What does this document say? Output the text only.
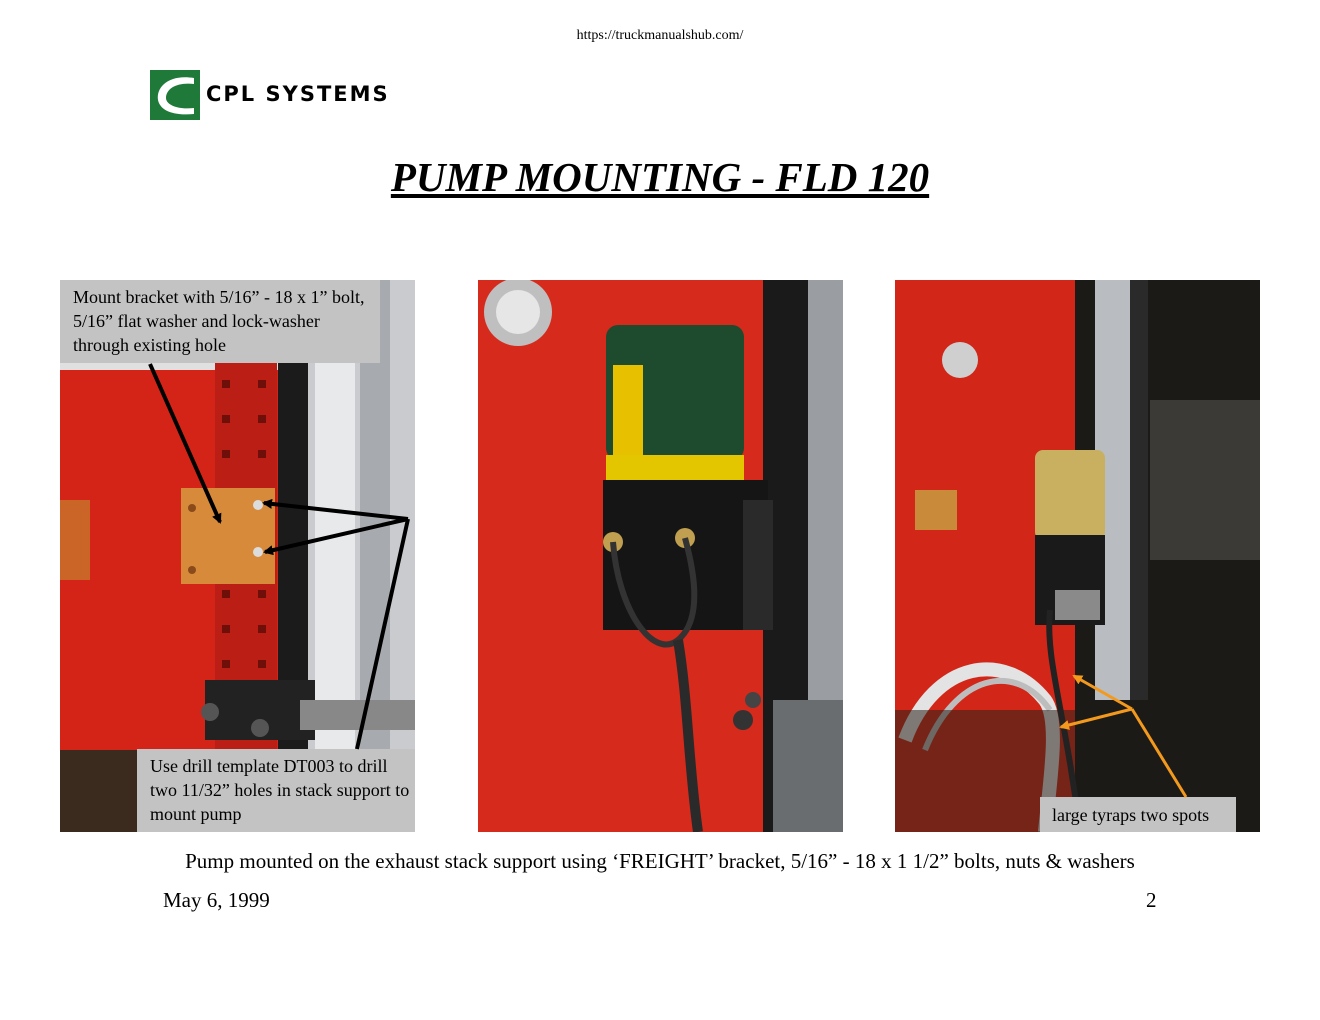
https://truckmanualshub.com/
CPL SYSTEMS
PUMP MOUNTING - FLD 120
Mount bracket with 5/16” - 18 x 1” bolt, 5/16” flat washer and lock-washer through existing hole
Use drill template DT003 to drill two 11/32” holes in stack support to mount pump	large tyraps two spots
Pump mounted on the exhaust stack support using ‘FREIGHT’ bracket, 5/16” - 18 x 1 1/2” bolts, nuts & washers
May 6, 1999	2
